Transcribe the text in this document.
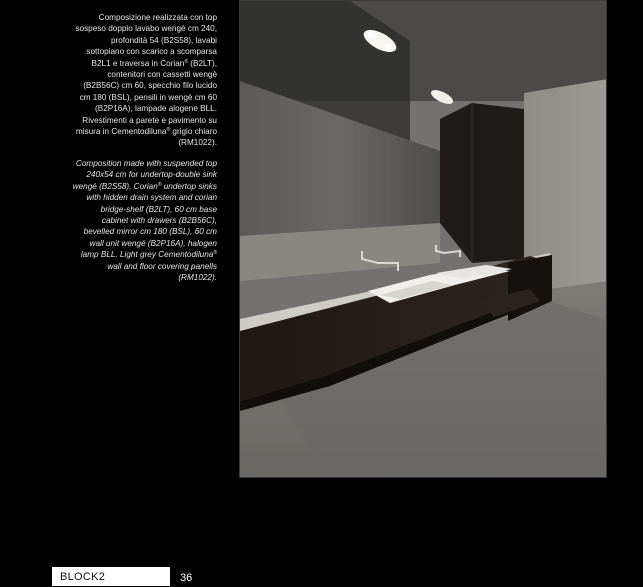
Composizione realizzata con top sospeso doppio lavabo wengè cm 240, profondità 54 (B2S58), lavabi sottopiano con scarico a scomparsa B2L1 e traversa in Corian® (B2LT), contenitori con cassetti wengè (B2B56C) cm 60, specchio filo lucido cm 180 (BSL), pensili in wengè cm 60 (B2P16A), lampade alogene BLL. Rivestimenti a parete e pavimento su misura in Cementodiluna® grigio chiaro (RM1022).

Composition made with suspended top 240x54 cm for undertop-double sink wengé (B2S58), Corian® undertop sinks with hidden drain system and corian bridge-shelf (B2LT), 60 cm base cabinet with drawers (B2B56C), bevelled mirror cm 180 (BSL), 60 cm wall unit wengé (B2P16A), halogen lamp BLL. Light grey Cementodiluna® wall and floor covering panells (RM1022).

BLOCK2	36
